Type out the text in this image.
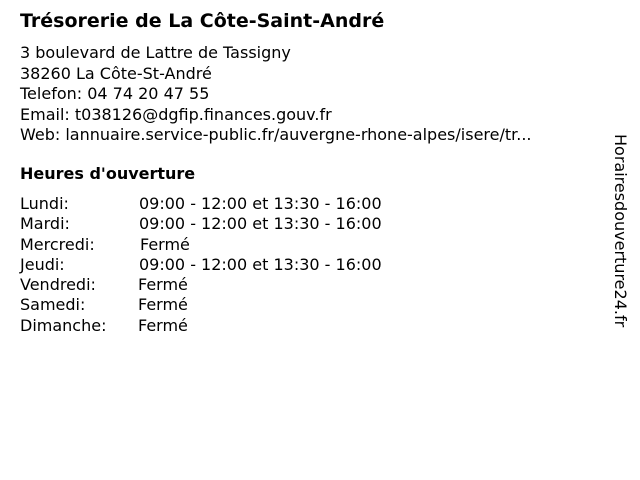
Trésorerie de La Côte-Saint-André
3 boulevard de Lattre de Tassigny
38260 La Côte-St-André
Telefon: 04 74 20 47 55
Email: t038126@dgfip.finances.gouv.fr
Web: lannuaire.service-public.fr/auvergne-rhone-alpes/isere/tr...
Heures d'ouverture
Lundi:	09:00 - 12:00 et 13:30 - 16:00
Mardi:	09:00 - 12:00 et 13:30 - 16:00
Mercredi:	Fermé
Jeudi:	09:00 - 12:00 et 13:30 - 16:00
Vendredi:	Fermé
Samedi:	Fermé
Dimanche: Fermé	Horairesdouverture24.fr
